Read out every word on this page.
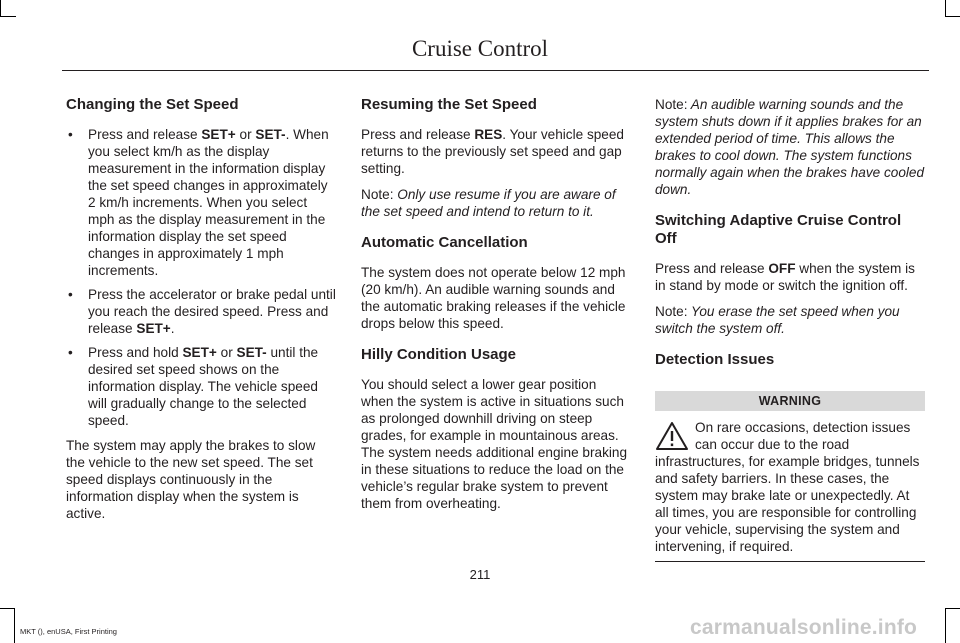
Cruise Control
Changing the Set Speed
• Press and release SET+ or SET-. When you select km/h as the display measurement in the information display the set speed changes in approximately 2 km/h increments. When you select mph as the display measurement in the information display the set speed changes in approximately 1 mph increments.
• Press the accelerator or brake pedal until you reach the desired speed. Press and release SET+.
• Press and hold SET+ or SET- until the desired set speed shows on the information display. The vehicle speed will gradually change to the selected speed.

The system may apply the brakes to slow the vehicle to the new set speed. The set speed displays continuously in the information display when the system is active.

Resuming the Set Speed

Press and release RES. Your vehicle speed returns to the previously set speed and gap setting.

Note: Only use resume if you are aware of the set speed and intend to return to it.

Automatic Cancellation

The system does not operate below 12 mph (20 km/h). An audible warning sounds and the automatic braking releases if the vehicle drops below this speed.

Hilly Condition Usage

You should select a lower gear position when the system is active in situations such as prolonged downhill driving on steep grades, for example in mountainous areas. The system needs additional engine braking in these situations to reduce the load on the vehicle’s regular brake system to prevent them from overheating.

Note: An audible warning sounds and the system shuts down if it applies brakes for an extended period of time. This allows the brakes to cool down. The system functions normally again when the brakes have cooled down.

Switching Adaptive Cruise Control Off

Press and release OFF when the system is in stand by mode or switch the ignition off.

Note: You erase the set speed when you switch the system off.

Detection Issues
WARNING
On rare occasions, detection issues can occur due to the road infrastructures, for example bridges, tunnels and safety barriers. In these cases, the system may brake late or unexpectedly. At all times, you are responsible for controlling your vehicle, supervising the system and intervening, if required.
211
MKT (), enUSA, First Printing	carmanualsonline.info
